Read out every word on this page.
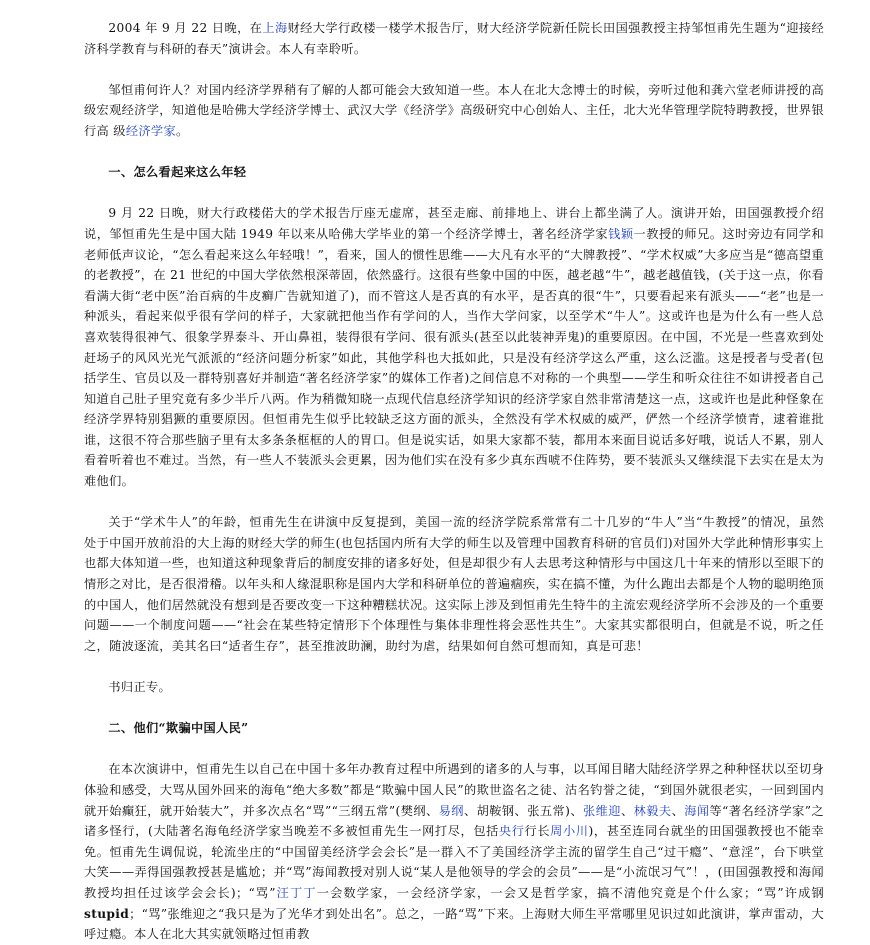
2004 年 9 月 22 日晚，在上海财经大学行政楼一楼学术报告厅，财大经济学院新任院长田国强教授主持邹恒甫先生题为“迎接经济科学教育与科研的春天”演讲会。本人有幸聆听。

邹恒甫何许人？对国内经济学界稍有了解的人都可能会大致知道一些。本人在北大念博士的时候，旁听过他和龚六堂老师讲授的高级宏观经济学，知道他是哈佛大学经济学博士、武汉大学《经济学》高级研究中心创始人、主任，北大光华管理学院特聘教授，世界银行高 级经济学家。

一、怎么看起来这么年轻

9 月 22 日晚，财大行政楼偌大的学术报告厅座无虚席，甚至走廊、前排地上、讲台上都坐满了人。演讲开始，田国强教授介绍说，邹恒甫先生是中国大陆 1949 年以来从哈佛大学毕业的第一个经济学博士，著名经济学家钱颖一教授的师兄。这时旁边有同学和老师低声议论，“怎么看起来这么年轻哦！”，看来，国人的惯性思维——大凡有水平的“大牌教授”、“学术权威”大多应当是“德高望重的老教授”，在 21 世纪的中国大学依然根深蒂固，依然盛行。这很有些象中国的中医，越老越“牛”，越老越值钱，(关于这一点，你看看满大街“老中医”治百病的牛皮癣广告就知道了)，而不管这人是否真的有水平，是否真的很“牛”，只要看起来有派头——“老”也是一种派头，看起来似乎很有学问的样子，大家就把他当作有学问的人，当作大学问家，以至学术“牛人”。这或许也是为什么有一些人总喜欢装得很神气、很象学界泰斗、开山鼻祖，装得很有学问、很有派头(甚至以此装神弄鬼)的重要原因。在中国，不光是一些喜欢到处赶场子的风风光光气派派的“经济问题分析家”如此，其他学科也大抵如此，只是没有经济学这么严重，这么泛滥。这是授者与受者(包括学生、官员以及一群特别喜好并制造“著名经济学家”的媒体工作者)之间信息不对称的一个典型——学生和听众往往不如讲授者自己知道自己肚子里究竟有多少半斤八两。作为稍微知晓一点现代信息经济学知识的经济学家自然非常清楚这一点，这或许也是此种怪象在经济学界特别猖獗的重要原因。但恒甫先生似乎比较缺乏这方面的派头，全然没有学术权威的威严，俨然一个经济学愤青，逮着谁批谁，这很不符合那些脑子里有太多条条框框的人的胃口。但是说实话，如果大家都不装，都用本来面目说话多好哦，说话人不累，别人看着听着也不难过。当然，有一些人不装派头会更累，因为他们实在没有多少真东西唬不住阵势，要不装派头又继续混下去实在是太为难他们。

关于“学术牛人”的年龄，恒甫先生在讲演中反复提到，美国一流的经济学院系常常有二十几岁的“牛人”当“牛教授”的情况，虽然处于中国开放前沿的大上海的财经大学的师生(也包括国内所有大学的师生以及管理中国教育科研的官员们)对国外大学此种情形事实上也都大体知道一些，也知道这种现象背后的制度安排的诸多好处，但是却很少有人去思考这种情形与中国这几十年来的情形以至眼下的情形之对比，是否很滑稽。以年头和人缘混职称是国内大学和科研单位的普遍痼疾，实在搞不懂，为什么跑出去都是个人物的聪明绝顶的中国人，他们居然就没有想到是否要改变一下这种糟糕状况。这实际上涉及到恒甫先生特牛的主流宏观经济学所不会涉及的一个重要问题——一个制度问题——“社会在某些特定情形下个体理性与集体非理性将会恶性共生”。大家其实都很明白，但就是不说，听之任之，随波逐流，美其名曰“适者生存”，甚至推波助澜，助纣为虐，结果如何自然可想而知，真是可悲！

书归正专。

二、他们“欺骗中国人民”

在本次演讲中，恒甫先生以自己在中国十多年办教育过程中所遇到的诸多的人与事，以耳闻目睹大陆经济学界之种种怪状以至切身体验和感受，大骂从国外回来的海龟“绝大多数”都是“欺骗中国人民”的欺世盗名之徒、沽名钓誉之徒，“到国外就很老实，一回到国内就开始癫狂，就开始装大”，并多次点名“骂”“三纲五常”(樊纲、易纲、胡鞍钢、张五常)、张维迎、林毅夫、海闻等“著名经济学家”之诸多怪行，(大陆著名海龟经济学家当晚差不多被恒甫先生一网打尽，包括央行行长周小川)，甚至连同台就坐的田国强教授也不能幸免。恒甫先生调侃说，轮流坐庄的“中国留美经济学会会长”是一群入不了美国经济学主流的留学生自己“过干瘾”、“意淫”，台下哄堂大笑——弄得国强教授甚是尴尬；并“骂”海闻教授对别人说“某人是他领导的学会的会员”——是“小流氓习气”！，(田国强教授和海闻教授均担任过该学会会长)；“骂”汪丁丁一会数学家，一会经济学家，一会又是哲学家，搞不清他究竟是个什么家；“骂”许成钢 stupid；“骂”张维迎之“我只是为了光华才到处出名”。总之，一路“骂”下来。上海财大师生平常哪里见识过如此演讲，掌声雷动，大呼过瘾。本人在北大其实就领略过恒甫教
